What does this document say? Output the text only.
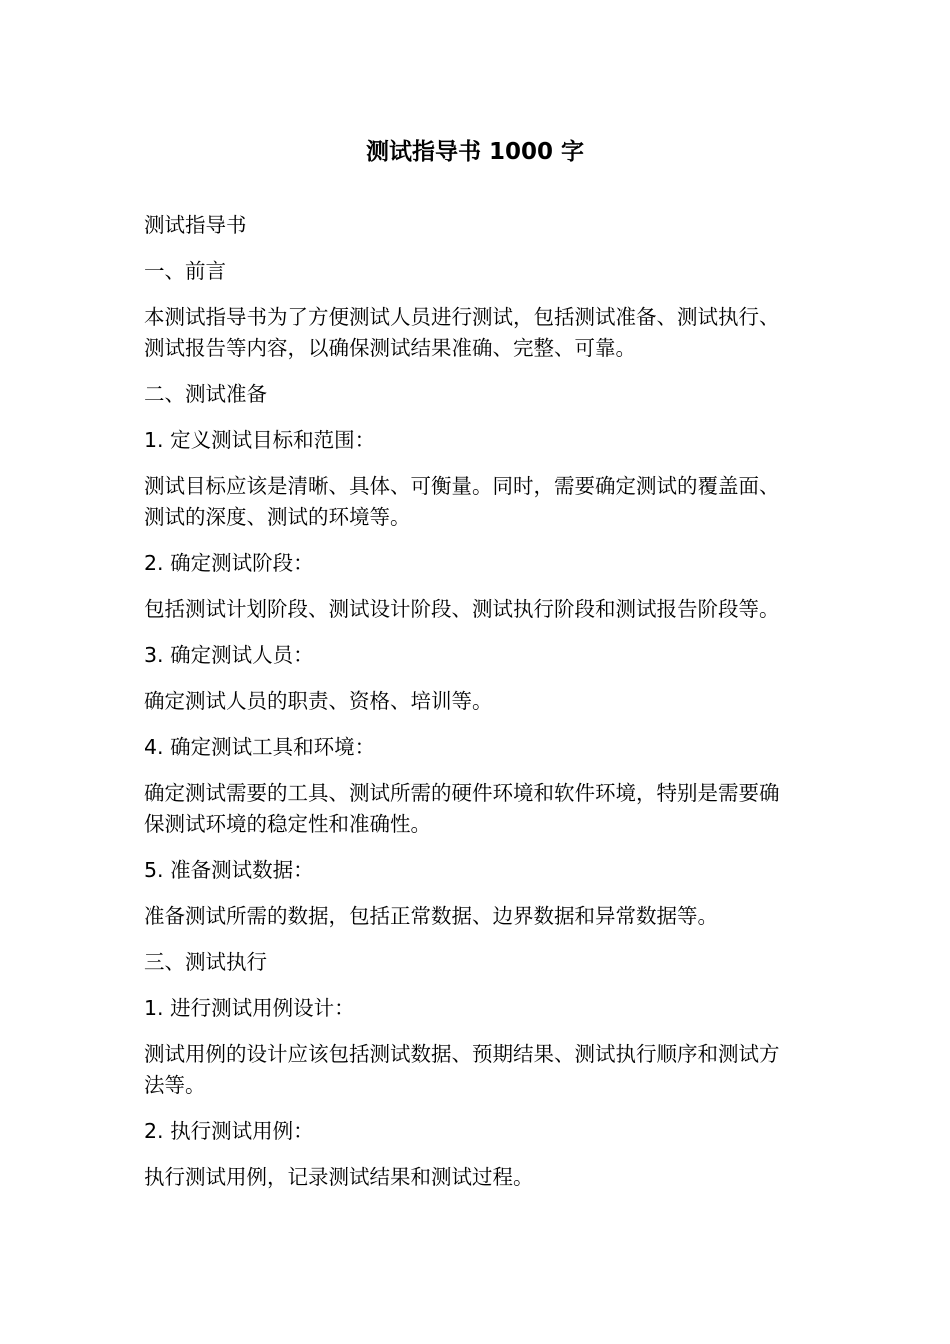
测试指导书 1000 字

测试指导书

一、前言

本测试指导书为了方便测试人员进行测试，包括测试准备、测试执行、测试报告等内容，以确保测试结果准确、完整、可靠。

二、测试准备

1. 定义测试目标和范围：

测试目标应该是清晰、具体、可衡量。同时，需要确定测试的覆盖面、测试的深度、测试的环境等。

2. 确定测试阶段：

包括测试计划阶段、测试设计阶段、测试执行阶段和测试报告阶段等。

3. 确定测试人员：

确定测试人员的职责、资格、培训等。

4. 确定测试工具和环境：

确定测试需要的工具、测试所需的硬件环境和软件环境，特别是需要确保测试环境的稳定性和准确性。

5. 准备测试数据：

准备测试所需的数据，包括正常数据、边界数据和异常数据等。

三、测试执行

1. 进行测试用例设计：

测试用例的设计应该包括测试数据、预期结果、测试执行顺序和测试方法等。

2. 执行测试用例：

执行测试用例，记录测试结果和测试过程。
